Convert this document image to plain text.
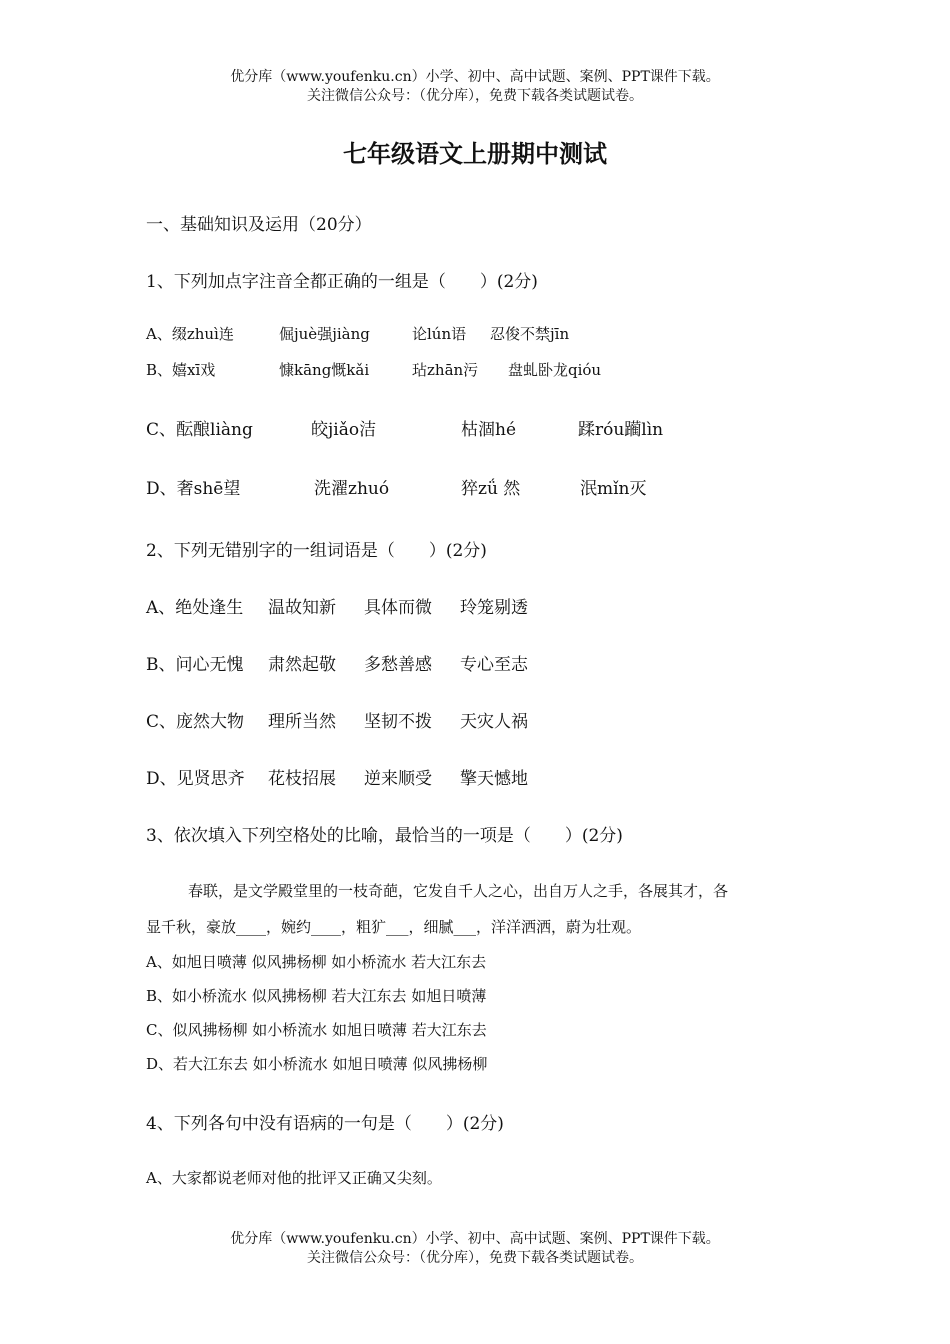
优分库（www.youfenku.cn）小学、初中、高中试题、案例、PPT课件下载。
关注微信公众号：（优分库），免费下载各类试题试卷。
七年级语文上册期中测试
一、基础知识及运用（20分）
1、下列加点字注音全都正确的一组是（　　）(2分)
A、缀zhuì连	倔juè强jiàng	论lún语 忍俊不禁jīn
B、嬉xī戏	慷kāng慨kǎi	玷zhān污 盘虬卧龙qióu
C、酝酿liàng	皎jiǎo洁	枯涸hé	蹂róu躏lìn
D、奢shē望	洗濯zhuó	猝zǘ 然	泯mǐn灭
2、下列无错别字的一组词语是（　　）(2分)
A、绝处逢生 温故知新 具体而微 玲笼剔透
B、问心无愧 肃然起敬 多愁善感 专心至志
C、庞然大物 理所当然 坚韧不拨 天灾人祸
D、见贤思齐 花枝招展 逆来顺受 擎天憾地
3、依次填入下列空格处的比喻，最恰当的一项是（　　）(2分)
春联，是文学殿堂里的一枝奇葩，它发自千人之心，出自万人之手，各展其才，各
显千秋，豪放____，婉约____，粗犷___，细腻___，洋洋洒洒，蔚为壮观。
A、如旭日喷薄 似风拂杨柳 如小桥流水 若大江东去
B、如小桥流水 似风拂杨柳 若大江东去 如旭日喷薄
C、似风拂杨柳 如小桥流水 如旭日喷薄 若大江东去
D、若大江东去 如小桥流水 如旭日喷薄 似风拂杨柳
4、下列各句中没有语病的一句是（　　）(2分)
A、大家都说老师对他的批评又正确又尖刻。
优分库（www.youfenku.cn）小学、初中、高中试题、案例、PPT课件下载。
关注微信公众号：（优分库），免费下载各类试题试卷。
